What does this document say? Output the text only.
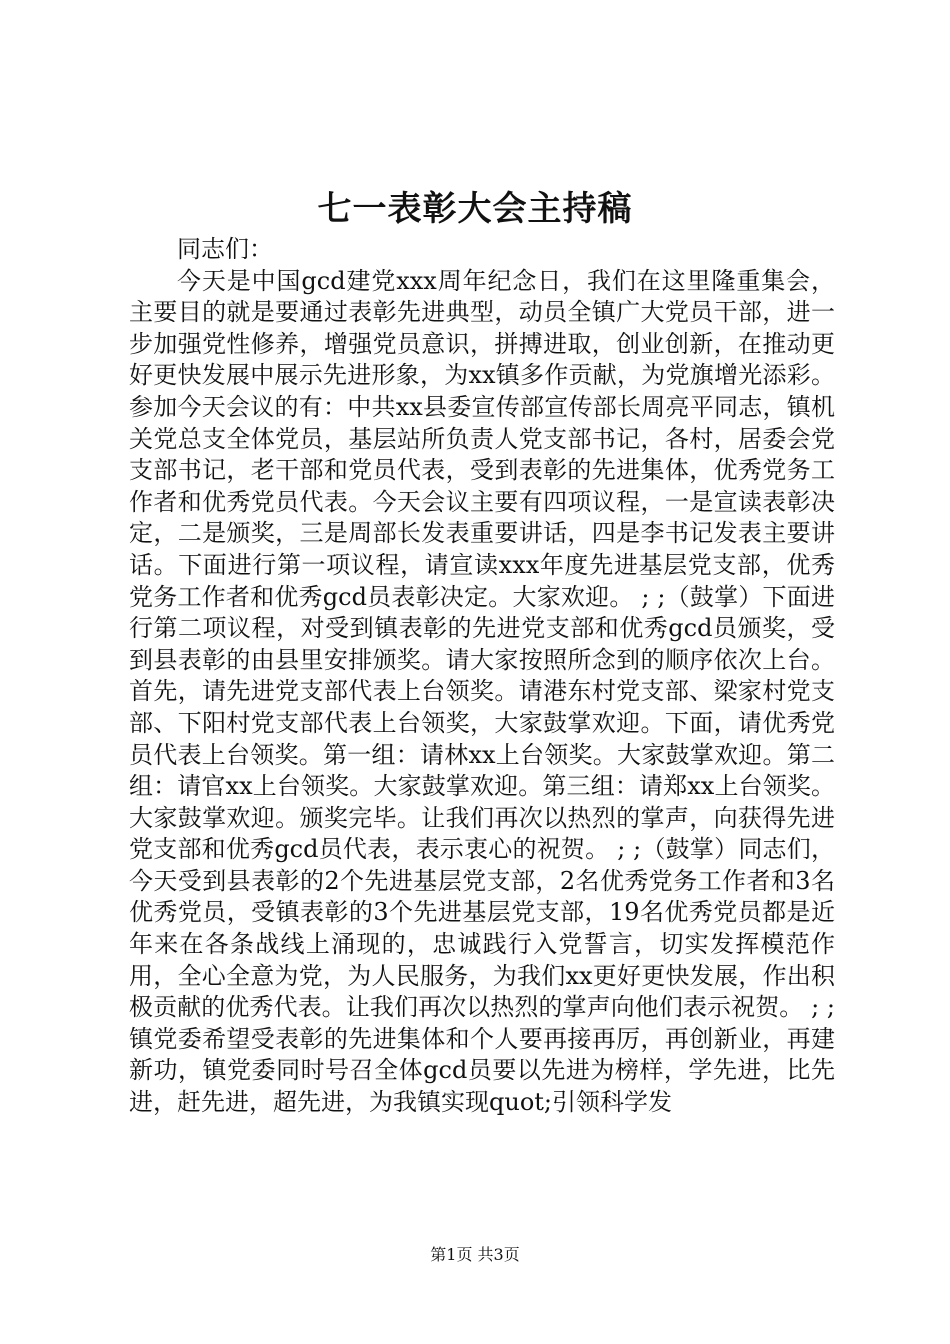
七一表彰大会主持稿

同志们：

今天是中国gcd建党xxx周年纪念日，我们在这里隆重集会，主要目的就是要通过表彰先进典型，动员全镇广大党员干部，进一步加强党性修养，增强党员意识，拼搏进取，创业创新，在推动更好更快发展中展示先进形象，为xx镇多作贡献，为党旗增光添彩。参加今天会议的有：中共xx县委宣传部宣传部长周亮平同志，镇机关党总支全体党员，基层站所负责人党支部书记，各村，居委会党支部书记，老干部和党员代表，受到表彰的先进集体，优秀党务工作者和优秀党员代表。今天会议主要有四项议程，一是宣读表彰决定，二是颁奖，三是周部长发表重要讲话，四是李书记发表主要讲话。下面进行第一项议程，请宣读xxx年度先进基层党支部，优秀党务工作者和优秀gcd员表彰决定。大家欢迎。 ; ;（鼓掌）下面进行第二项议程，对受到镇表彰的先进党支部和优秀gcd员颁奖，受到县表彰的由县里安排颁奖。请大家按照所念到的顺序依次上台。首先，请先进党支部代表上台领奖。请港东村党支部、梁家村党支部、下阳村党支部代表上台领奖，大家鼓掌欢迎。下面，请优秀党员代表上台领奖。第一组：请林xx上台领奖。大家鼓掌欢迎。第二组：请官xx上台领奖。大家鼓掌欢迎。第三组：请郑xx上台领奖。大家鼓掌欢迎。颁奖完毕。让我们再次以热烈的掌声，向获得先进党支部和优秀gcd员代表，表示衷心的祝贺。 ; ;（鼓掌）同志们，今天受到县表彰的2个先进基层党支部，2名优秀党务工作者和3名优秀党员，受镇表彰的3个先进基层党支部，19名优秀党员都是近年来在各条战线上涌现的，忠诚践行入党誓言，切实发挥模范作用，全心全意为党，为人民服务，为我们xx更好更快发展，作出积极贡献的优秀代表。让我们再次以热烈的掌声向他们表示祝贺。 ; ;镇党委希望受表彰的先进集体和个人要再接再厉，再创新业，再建新功，镇党委同时号召全体gcd员要以先进为榜样，学先进，比先进，赶先进，超先进，为我镇实现quot;引领科学发

第1页 共3页
